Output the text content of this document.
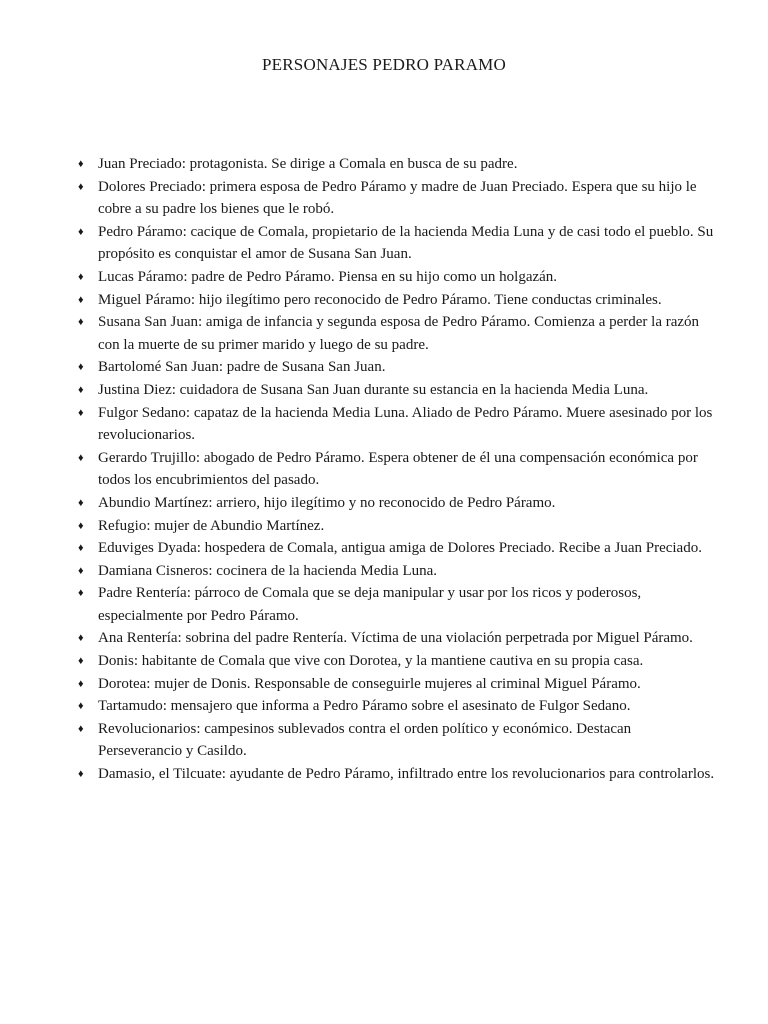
PERSONAJES PEDRO PARAMO
♦ Juan Preciado: protagonista. Se dirige a Comala en busca de su padre.
♦ Dolores Preciado: primera esposa de Pedro Páramo y madre de Juan Preciado. Espera que su hijo le cobre a su padre los bienes que le robó.
♦ Pedro Páramo: cacique de Comala, propietario de la hacienda Media Luna y de casi todo el pueblo. Su propósito es conquistar el amor de Susana San Juan.
♦ Lucas Páramo: padre de Pedro Páramo. Piensa en su hijo como un holgazán.
♦ Miguel Páramo: hijo ilegítimo pero reconocido de Pedro Páramo. Tiene conductas criminales.
♦ Susana San Juan: amiga de infancia y segunda esposa de Pedro Páramo. Comienza a perder la razón con la muerte de su primer marido y luego de su padre.
♦ Bartolomé San Juan: padre de Susana San Juan.
♦ Justina Diez: cuidadora de Susana San Juan durante su estancia en la hacienda Media Luna.
♦ Fulgor Sedano: capataz de la hacienda Media Luna. Aliado de Pedro Páramo. Muere asesinado por los revolucionarios.
♦ Gerardo Trujillo: abogado de Pedro Páramo. Espera obtener de él una compensación económica por todos los encubrimientos del pasado.
♦ Abundio Martínez: arriero, hijo ilegítimo y no reconocido de Pedro Páramo.
♦ Refugio: mujer de Abundio Martínez.
♦ Eduviges Dyada: hospedera de Comala, antigua amiga de Dolores Preciado. Recibe a Juan Preciado.
♦ Damiana Cisneros: cocinera de la hacienda Media Luna.
♦ Padre Rentería: párroco de Comala que se deja manipular y usar por los ricos y poderosos, especialmente por Pedro Páramo.
♦ Ana Rentería: sobrina del padre Rentería. Víctima de una violación perpetrada por Miguel Páramo.
♦ Donis: habitante de Comala que vive con Dorotea, y la mantiene cautiva en su propia casa.
♦ Dorotea: mujer de Donis. Responsable de conseguirle mujeres al criminal Miguel Páramo.
♦ Tartamudo: mensajero que informa a Pedro Páramo sobre el asesinato de Fulgor Sedano.
♦ Revolucionarios: campesinos sublevados contra el orden político y económico. Destacan Perseverancio y Casildo.
♦ Damasio, el Tilcuate: ayudante de Pedro Páramo, infiltrado entre los revolucionarios para controlarlos.
